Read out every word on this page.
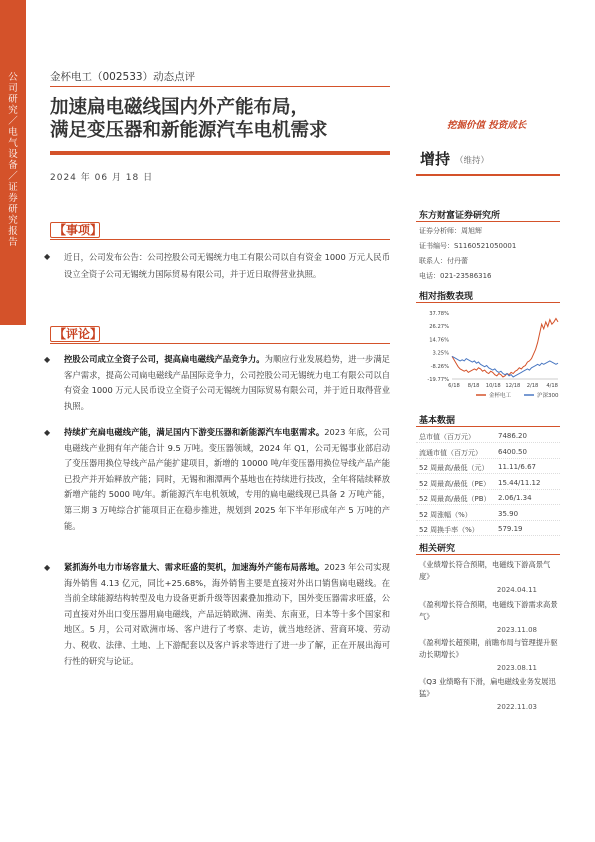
公司研究／电气设备／证券研究报告
金杯电工（002533）动态点评
加速扁电磁线国内外产能布局，
满足变压器和新能源汽车电机需求	挖掘价值 投资成长
2024 年 06 月 18 日
【事项】
◆	近日，公司发布公告：公司控股公司无锡统力电工有限公司以自有资金 1000 万元人民币设立全资子公司无锡统力国际贸易有限公司，并于近日取得营业执照。
【评论】
◆	控股公司成立全资子公司，提高扁电磁线产品竞争力。为顺应行业发展趋势，进一步满足客户需求，提高公司扁电磁线产品国际竞争力，公司控股公司无锡统力电工有限公司以自有资金 1000 万元人民币设立全资子公司无锡统力国际贸易有限公司，并于近日取得营业执照。
◆	持续扩充扁电磁线产能，满足国内下游变压器和新能源汽车电驱需求。2023 年底，公司电磁线产业拥有年产能合计 9.5 万吨。变压器领域，2024 年 Q1，公司无锡事业部启动了变压器用换位导线产品产能扩建项目，新增的 10000 吨/年变压器用换位导线产品产能已投产并开始释放产能；同时，无锡和湘潭两个基地也在持续进行技改，全年将陆续释放新增产能约 5000 吨/年。新能源汽车电机领域，专用的扁电磁线现已具备 2 万吨产能，第三期 3 万吨综合扩能项目正在稳步推进，规划到 2025 年下半年形成年产 5 万吨的产能。
◆	紧抓海外电力市场容量大、需求旺盛的契机，加速海外产能布局落地。2023 年公司实现海外销售 4.13 亿元，同比+25.68%，海外销售主要是直接对外出口销售扁电磁线。在当前全球能源结构转型及电力设备更新升级等因素叠加推动下，国外变压器需求旺盛，公司直接对外出口变压器用扁电磁线，产品远销欧洲、南美、东南亚，日本等十多个国家和地区。5 月，公司对欧洲市场、客户进行了考察、走访，就当地经济、营商环境、劳动力、税收、法律、土地、上下游配套以及客户诉求等进行了进一步了解，正在开展出海可行性的研究与论证。
增持 （维持）
东方财富证券研究所
证券分析师：周旭辉
证书编号：S1160521050001
联系人：付丹蕾
电话：021-23586316
相对指数表现
37.78%
26.27%
14.76%
3.25%
-8.26%
-19.77%
6/18 8/18 10/18 12/18 2/18 4/18
金杯电工	沪深300
基本数据
总市值（百万元）	7486.20
流通市值（百万元） 6400.50
52 周最高/最低（元） 11.11/6.67
52 周最高/最低（PE） 15.44/11.12
52 周最高/最低（PB） 2.06/1.34
52 周涨幅（%）	35.90
52 周换手率（%）	579.19
相关研究
《业绩增长符合预期，电磁线下游高景气度》
2024.04.11
《盈利增长符合预期，电磁线下游需求高景气》
2023.11.08
《盈利增长超预期，前瞻布局与管理提升驱动长期增长》
2023.08.11
《Q3 业绩略有下滑，扁电磁线业务发展迅猛》
2022.11.03
